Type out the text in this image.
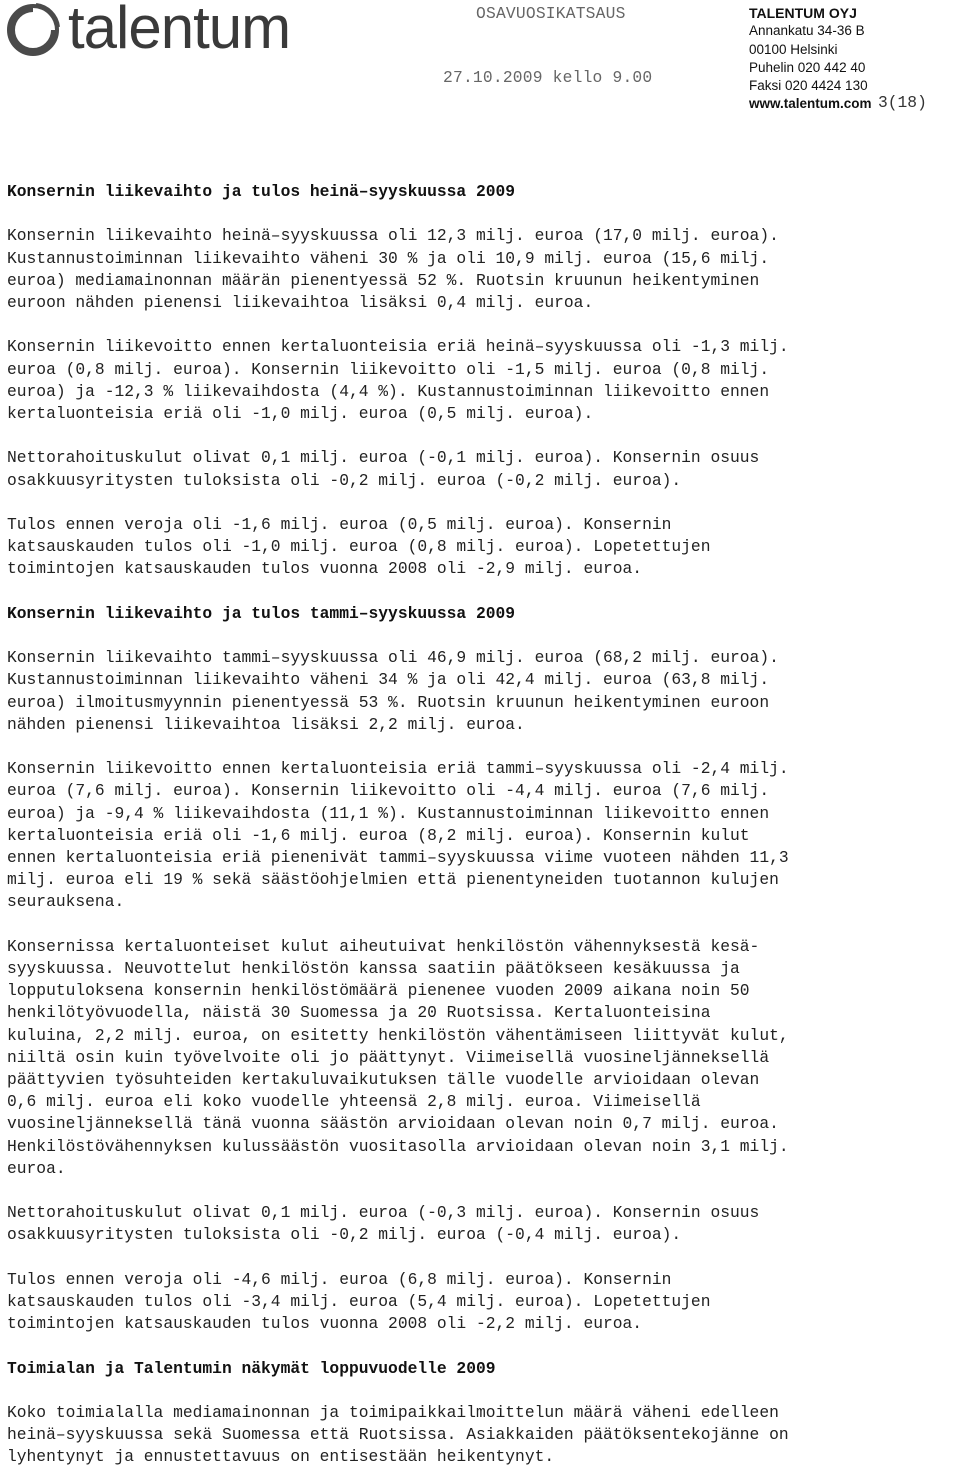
talentum	OSAVUOSIKATSAUS
27.10.2009 kello 9.00
TALENTUM OYJ
Annankatu 34-36 B
00100 Helsinki
Puhelin 020 442 40
Faksi 020 4424 130
www.talentum.com 3(18)
Konsernin liikevaihto ja tulos heinä–syyskuussa 2009

Konsernin liikevaihto heinä–syyskuussa oli 12,3 milj. euroa (17,0 milj. euroa).

Kustannustoiminnan liikevaihto väheni 30 % ja oli 10,9 milj. euroa (15,6 milj.

euroa) mediamainonnan määrän pienentyessä 52 %. Ruotsin kruunun heikentyminen

euroon nähden pienensi liikevaihtoa lisäksi 0,4 milj. euroa.

Konsernin liikevoitto ennen kertaluonteisia eriä heinä–syyskuussa oli -1,3 milj.

euroa (0,8 milj. euroa). Konsernin liikevoitto oli -1,5 milj. euroa (0,8 milj.

euroa) ja -12,3 % liikevaihdosta (4,4 %). Kustannustoiminnan liikevoitto ennen

kertaluonteisia eriä oli -1,0 milj. euroa (0,5 milj. euroa).

Nettorahoituskulut olivat 0,1 milj. euroa (-0,1 milj. euroa). Konsernin osuus

osakkuusyritysten tuloksista oli -0,2 milj. euroa (-0,2 milj. euroa).

Tulos ennen veroja oli -1,6 milj. euroa (0,5 milj. euroa). Konsernin

katsauskauden tulos oli -1,0 milj. euroa (0,8 milj. euroa). Lopetettujen

toimintojen katsauskauden tulos vuonna 2008 oli -2,9 milj. euroa.

Konsernin liikevaihto ja tulos tammi–syyskuussa 2009

Konsernin liikevaihto tammi–syyskuussa oli 46,9 milj. euroa (68,2 milj. euroa).

Kustannustoiminnan liikevaihto väheni 34 % ja oli 42,4 milj. euroa (63,8 milj.

euroa) ilmoitusmyynnin pienentyessä 53 %. Ruotsin kruunun heikentyminen euroon

nähden pienensi liikevaihtoa lisäksi 2,2 milj. euroa.

Konsernin liikevoitto ennen kertaluonteisia eriä tammi–syyskuussa oli -2,4 milj.

euroa (7,6 milj. euroa). Konsernin liikevoitto oli -4,4 milj. euroa (7,6 milj.

euroa) ja -9,4 % liikevaihdosta (11,1 %). Kustannustoiminnan liikevoitto ennen

kertaluonteisia eriä oli -1,6 milj. euroa (8,2 milj. euroa). Konsernin kulut

ennen kertaluonteisia eriä pienenivät tammi–syyskuussa viime vuoteen nähden 11,3

milj. euroa eli 19 % sekä säästöohjelmien että pienentyneiden tuotannon kulujen

seurauksena.

Konsernissa kertaluonteiset kulut aiheutuivat henkilöstön vähennyksestä kesä-

syyskuussa. Neuvottelut henkilöstön kanssa saatiin päätökseen kesäkuussa ja

lopputuloksena konsernin henkilöstömäärä pienenee vuoden 2009 aikana noin 50

henkilötyövuodella, näistä 30 Suomessa ja 20 Ruotsissa. Kertaluonteisina

kuluina, 2,2 milj. euroa, on esitetty henkilöstön vähentämiseen liittyvät kulut,

niiltä osin kuin työvelvoite oli jo päättynyt. Viimeisellä vuosineljänneksellä

päättyvien työsuhteiden kertakuluvaikutuksen tälle vuodelle arvioidaan olevan

0,6 milj. euroa eli koko vuodelle yhteensä 2,8 milj. euroa. Viimeisellä

vuosineljänneksellä tänä vuonna säästön arvioidaan olevan noin 0,7 milj. euroa.

Henkilöstövähennyksen kulussäästön vuositasolla arvioidaan olevan noin 3,1 milj.

euroa.

Nettorahoituskulut olivat 0,1 milj. euroa (-0,3 milj. euroa). Konsernin osuus

osakkuusyritysten tuloksista oli -0,2 milj. euroa (-0,4 milj. euroa).

Tulos ennen veroja oli -4,6 milj. euroa (6,8 milj. euroa). Konsernin

katsauskauden tulos oli -3,4 milj. euroa (5,4 milj. euroa). Lopetettujen

toimintojen katsauskauden tulos vuonna 2008 oli -2,2 milj. euroa.

Toimialan ja Talentumin näkymät loppuvuodelle 2009

Koko toimialalla mediamainonnan ja toimipaikkailmoittelun määrä väheni edelleen

heinä–syyskuussa sekä Suomessa että Ruotsissa. Asiakkaiden päätöksentekojänne on

lyhentynyt ja ennustettavuus on entisestään heikentynyt.
